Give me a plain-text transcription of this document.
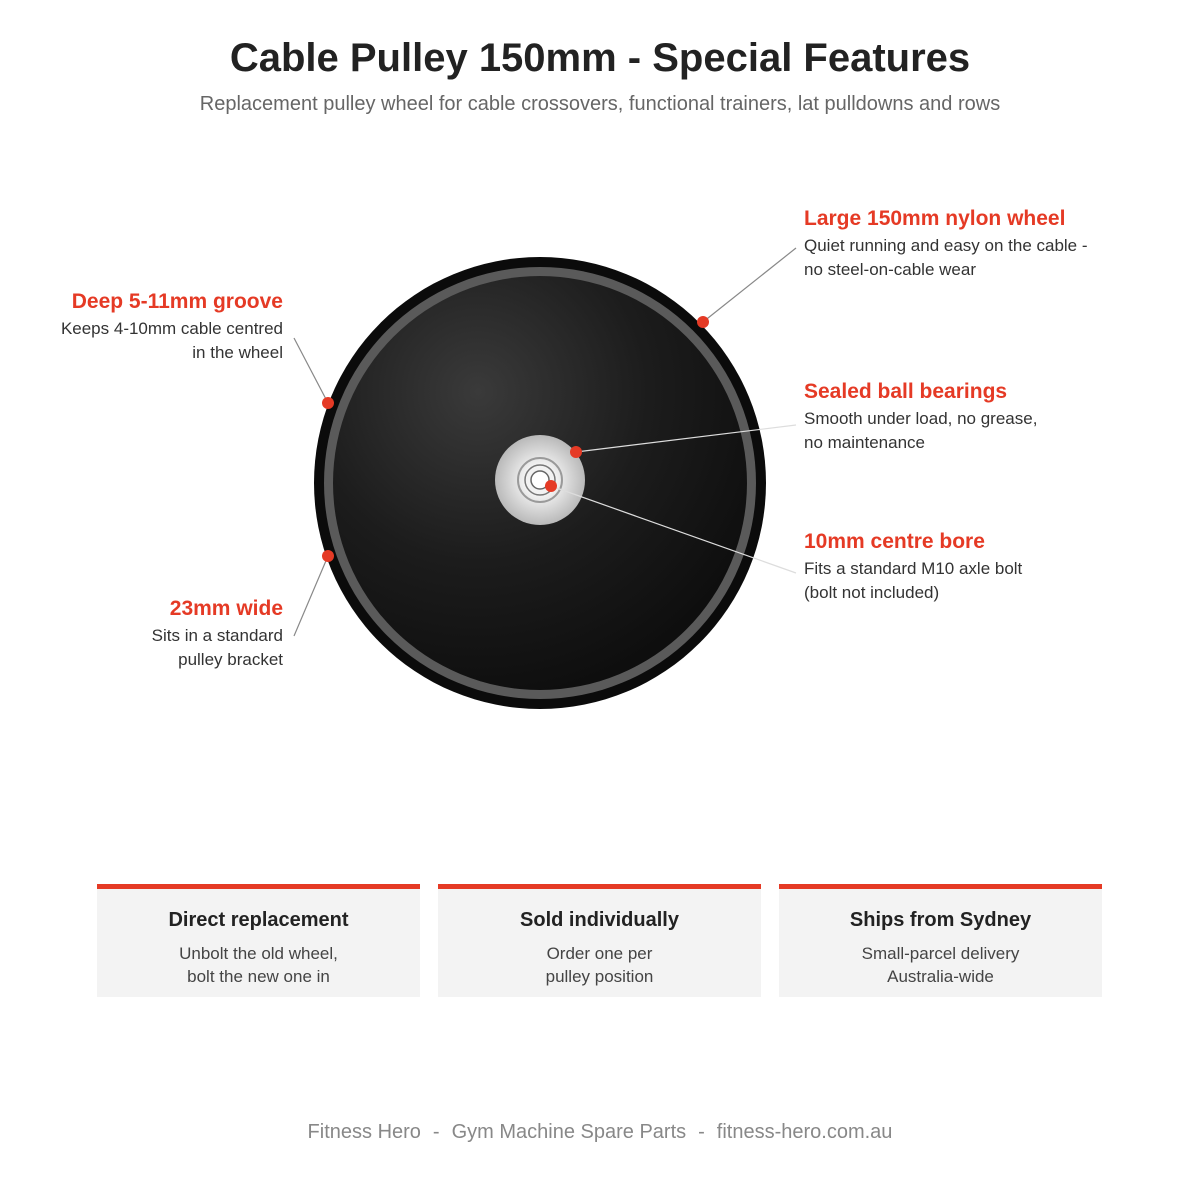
Cable Pulley 150mm - Special Features
Replacement pulley wheel for cable crossovers, functional trainers, lat pulldowns and rows
Large 150mm nylon wheel
Quiet running and easy on the cable -
no steel-on-cable wear
Deep 5-11mm groove
Keeps 4-10mm cable centred
in the wheel
Sealed ball bearings
Smooth under load, no grease,
no maintenance
10mm centre bore
Fits a standard M10 axle bolt
(bolt not included)
23mm wide
Sits in a standard
pulley bracket
Direct replacement
Unbolt the old wheel,
bolt the new one in
Sold individually
Order one per
pulley position
Ships from Sydney
Small-parcel delivery
Australia-wide
Fitness Hero - Gym Machine Spare Parts - fitness-hero.com.au
